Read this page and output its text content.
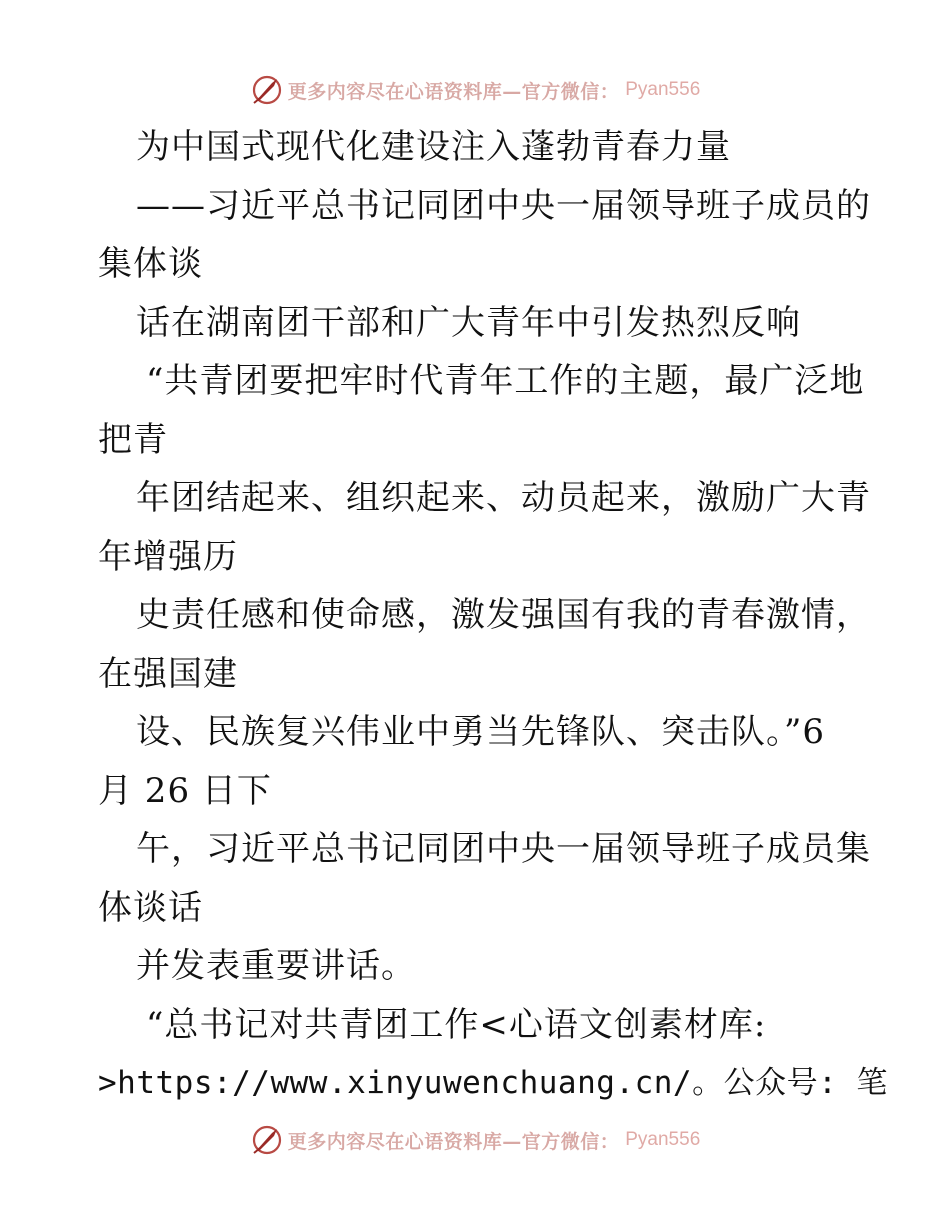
更多内容尽在心语资料库—官方微信： Pyan556
为中国式现代化建设注入蓬勃青春力量
——习近平总书记同团中央一届领导班子成员的
集体谈
话在湖南团干部和广大青年中引发热烈反响
“共青团要把牢时代青年工作的主题，最广泛地
把青
年团结起来、组织起来、动员起来，激励广大青
年增强历
史责任感和使命感，激发强国有我的青春激情，
在强国建
设、民族复兴伟业中勇当先锋队、突击队。”6
月 26 日下
午，习近平总书记同团中央一届领导班子成员集
体谈话
并发表重要讲话。
“总书记对共青团工作<心语文创素材库:
>https://www.xinyuwenchuang.cn/。公众号: 笔
更多内容尽在心语资料库—官方微信： Pyan556
